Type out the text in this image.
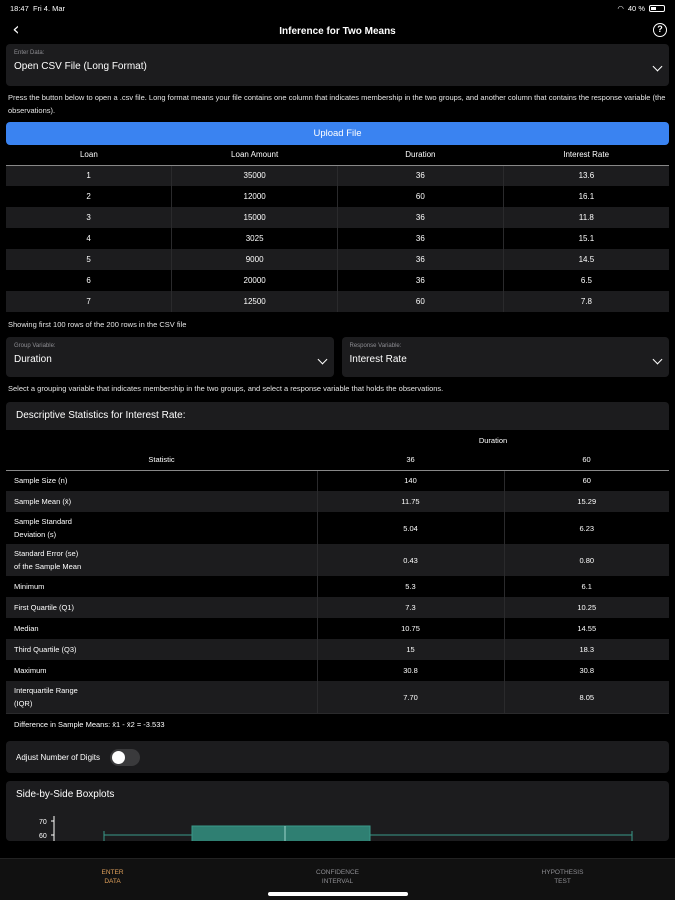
18:47 Fri 4. Mar	◠ 40 %
‹	Inference for Two Means	?
Enter Data:
Open CSV File (Long Format)
Press the button below to open a .csv file. Long format means your file contains one column that indicates membership in the two groups, and another column that contains the response variable (the observations).
Upload File
Loan	Loan Amount	Duration	Interest Rate
1	35000	36	13.6
2	12000	60	16.1
3	15000	36	11.8
4	3025	36	15.1
5	9000	36	14.5
6	20000	36	6.5
7	12500	60	7.8
Showing first 100 rows of the 200 rows in the CSV file
Group Variable:
Duration
Response Variable:
Interest Rate
Select a grouping variable that indicates membership in the two groups, and select a response variable that holds the observations.
Descriptive Statistics for Interest Rate:
	Duration	
Statistic	36	60
Sample Size (n)	140	60
Sample Mean (x̄)	11.75	15.29
Sample Standard Deviation (s)	5.04	6.23
Standard Error (se) of the Sample Mean	0.43	0.80
Minimum	5.3	6.1
First Quartile (Q1)	7.3	10.25
Median	10.75	14.55
Third Quartile (Q3)	15	18.3
Maximum	30.8	30.8
Interquartile Range (IQR)	7.70	8.05
Difference in Sample Means: x̄1 - x̄2 = -3.533
Adjust Number of Digits
Side-by-Side Boxplots
70
60
ENTER
DATA
CONFIDENCE
INTERVAL
HYPOTHESIS
TEST
